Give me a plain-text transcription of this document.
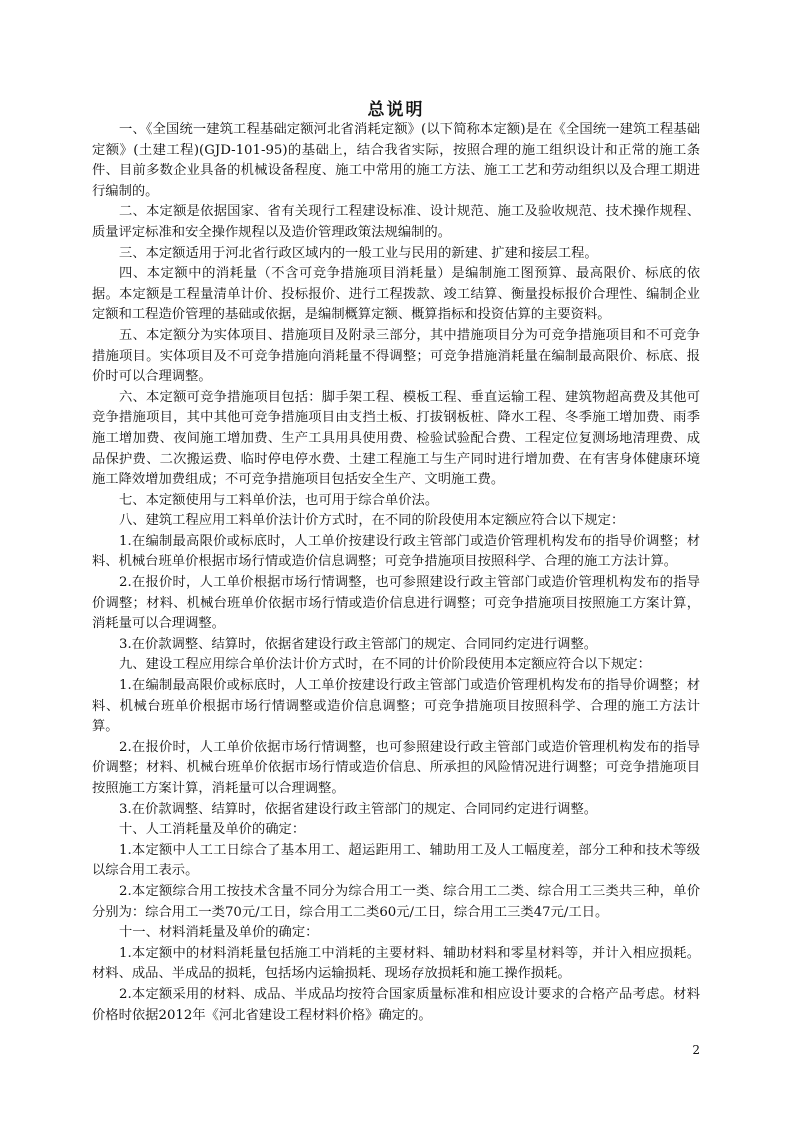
总说明

一、《全国统一建筑工程基础定额河北省消耗定额》(以下简称本定额)是在《全国统一建筑工程基础定额》(土建工程)(GJD-101-95)的基础上，结合我省实际，按照合理的施工组织设计和正常的施工条件、目前多数企业具备的机械设备程度、施工中常用的施工方法、施工工艺和劳动组织以及合理工期进行编制的。

二、本定额是依据国家、省有关现行工程建设标准、设计规范、施工及验收规范、技术操作规程、质量评定标准和安全操作规程以及造价管理政策法规编制的。

三、本定额适用于河北省行政区域内的一般工业与民用的新建、扩建和接层工程。

四、本定额中的消耗量（不含可竞争措施项目消耗量）是编制施工图预算、最高限价、标底的依据。本定额是工程量清单计价、投标报价、进行工程拨款、竣工结算、衡量投标报价合理性、编制企业定额和工程造价管理的基础或依据，是编制概算定额、概算指标和投资估算的主要资料。

五、本定额分为实体项目、措施项目及附录三部分，其中措施项目分为可竞争措施项目和不可竞争措施项目。实体项目及不可竞争措施向消耗量不得调整；可竞争措施消耗量在编制最高限价、标底、报价时可以合理调整。

六、本定额可竞争措施项目包括：脚手架工程、模板工程、垂直运输工程、建筑物超高费及其他可竞争措施项目，其中其他可竞争措施项目由支挡土板、打拔钢板桩、降水工程、冬季施工增加费、雨季施工增加费、夜间施工增加费、生产工具用具使用费、检验试验配合费、工程定位复测场地清理费、成品保护费、二次搬运费、临时停电停水费、土建工程施工与生产同时进行增加费、在有害身体健康环境施工降效增加费组成；不可竞争措施项目包括安全生产、文明施工费。

七、本定额使用与工料单价法，也可用于综合单价法。

八、建筑工程应用工料单价法计价方式时，在不同的阶段使用本定额应符合以下规定：

1.在编制最高限价或标底时，人工单价按建设行政主管部门或造价管理机构发布的指导价调整；材料、机械台班单价根据市场行情或造价信息调整；可竞争措施项目按照科学、合理的施工方法计算。

2.在报价时，人工单价根据市场行情调整，也可参照建设行政主管部门或造价管理机构发布的指导价调整；材料、机械台班单价依据市场行情或造价信息进行调整；可竞争措施项目按照施工方案计算，消耗量可以合理调整。

3.在价款调整、结算时，依据省建设行政主管部门的规定、合同同约定进行调整。

九、建设工程应用综合单价法计价方式时，在不同的计价阶段使用本定额应符合以下规定：

1.在编制最高限价或标底时，人工单价按建设行政主管部门或造价管理机构发布的指导价调整；材料、机械台班单价根据市场行情调整或造价信息调整；可竞争措施项目按照科学、合理的施工方法计算。

2.在报价时，人工单价依据市场行情调整，也可参照建设行政主管部门或造价管理机构发布的指导价调整；材料、机械台班单价依据市场行情或造价信息、所承担的风险情况进行调整；可竞争措施项目按照施工方案计算，消耗量可以合理调整。

3.在价款调整、结算时，依据省建设行政主管部门的规定、合同同约定进行调整。

十、人工消耗量及单价的确定：

1.本定额中人工工日综合了基本用工、超运距用工、辅助用工及人工幅度差，部分工种和技术等级以综合用工表示。

2.本定额综合用工按技术含量不同分为综合用工一类、综合用工二类、综合用工三类共三种，单价分别为：综合用工一类70元/工日，综合用工二类60元/工日，综合用工三类47元/工日。

十一、材料消耗量及单价的确定：

1.本定额中的材料消耗量包括施工中消耗的主要材料、辅助材料和零星材料等，并计入相应损耗。材料、成品、半成品的损耗，包括场内运输损耗、现场存放损耗和施工操作损耗。

2.本定额采用的材料、成品、半成品均按符合国家质量标准和相应设计要求的合格产品考虑。材料价格时依据2012年《河北省建设工程材料价格》确定的。

2
